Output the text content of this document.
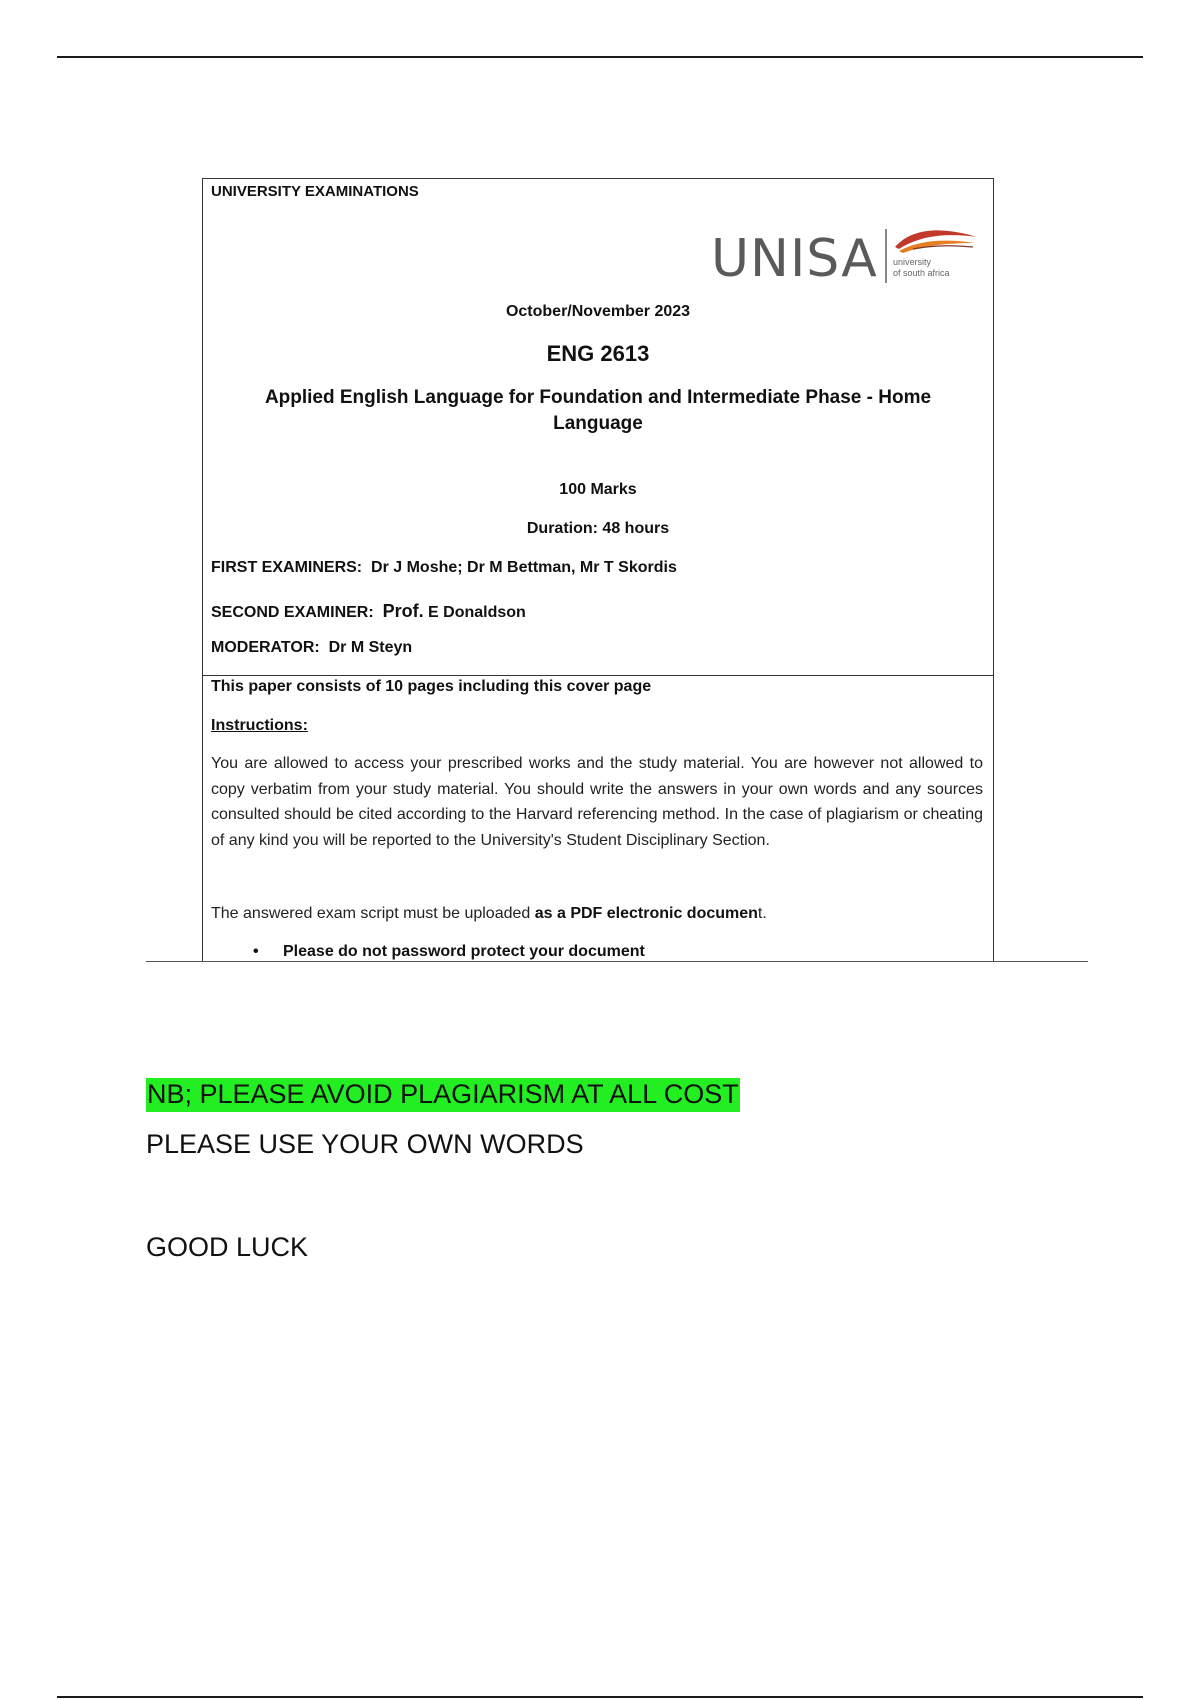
UNIVERSITY EXAMINATIONS
UNISA university
of south africa
October/November 2023
ENG 2613
Applied English Language for Foundation and Intermediate Phase - Home Language
100 Marks
Duration: 48 hours
FIRST EXAMINERS: Dr J Moshe; Dr M Bettman, Mr T Skordis
SECOND EXAMINER: Prof. E Donaldson
MODERATOR: Dr M Steyn
This paper consists of 10 pages including this cover page
Instructions:
You are allowed to access your prescribed works and the study material. You are however not allowed to copy verbatim from your study material. You should write the answers in your own words and any sources consulted should be cited according to the Harvard referencing method. In the case of plagiarism or cheating of any kind you will be reported to the University's Student Disciplinary Section.
The answered exam script must be uploaded as a PDF electronic document.
• Please do not password protect your document
NB; PLEASE AVOID PLAGIARISM AT ALL COST
PLEASE USE YOUR OWN WORDS
GOOD LUCK
